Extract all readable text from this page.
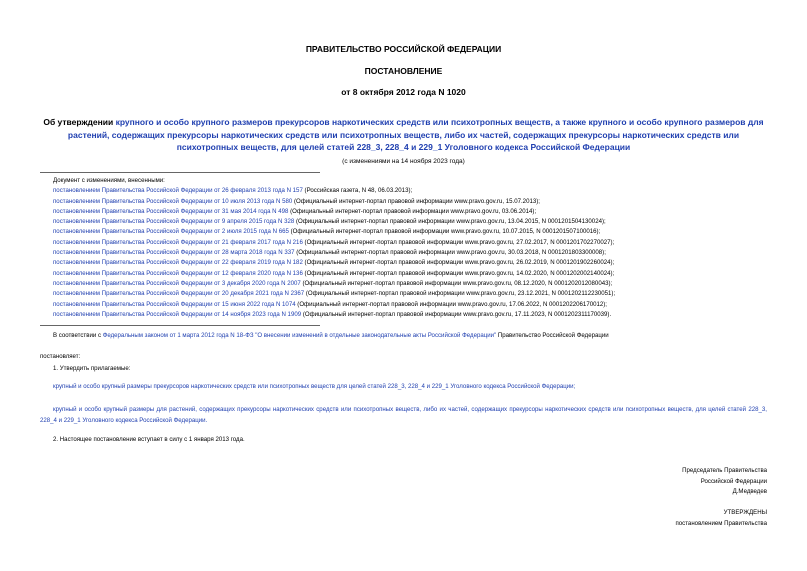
ПРАВИТЕЛЬСТВО РОССИЙСКОЙ ФЕДЕРАЦИИ
ПОСТАНОВЛЕНИЕ
от 8 октября 2012 года N 1020
Об утверждении крупного и особо крупного размеров прекурсоров наркотических средств или психотропных веществ, а также крупного и особо крупного размеров для растений, содержащих прекурсоры наркотических средств или психотропных веществ, либо их частей, содержащих прекурсоры наркотических средств или психотропных веществ, для целей статей 228_3, 228_4 и 229_1 Уголовного кодекса Российской Федерации
(с изменениями на 14 ноября 2023 года)
Документ с изменениями, внесенными:
постановлением Правительства Российской Федерации от 26 февраля 2013 года N 157 (Российская газета, N 48, 06.03.2013);
постановлением Правительства Российской Федерации от 10 июля 2013 года N 580 (Официальный интернет-портал правовой информации www.pravo.gov.ru, 15.07.2013);
постановлением Правительства Российской Федерации от 31 мая 2014 года N 498 (Официальный интернет-портал правовой информации www.pravo.gov.ru, 03.06.2014);
постановлением Правительства Российской Федерации от 9 апреля 2015 года N 328 (Официальный интернет-портал правовой информации www.pravo.gov.ru, 13.04.2015, N 0001201504130024);
постановлением Правительства Российской Федерации от 2 июля 2015 года N 665 (Официальный интернет-портал правовой информации www.pravo.gov.ru, 10.07.2015, N 0001201507100016);
постановлением Правительства Российской Федерации от 21 февраля 2017 года N 216 (Официальный интернет-портал правовой информации www.pravo.gov.ru, 27.02.2017, N 0001201702270027);
постановлением Правительства Российской Федерации от 28 марта 2018 года N 337 (Официальный интернет-портал правовой информации www.pravo.gov.ru, 30.03.2018, N 0001201803300008);
постановлением Правительства Российской Федерации от 22 февраля 2019 года N 182 (Официальный интернет-портал правовой информации www.pravo.gov.ru, 26.02.2019, N 0001201902260024);
постановлением Правительства Российской Федерации от 12 февраля 2020 года N 136 (Официальный интернет-портал правовой информации www.pravo.gov.ru, 14.02.2020, N 0001202002140024);
постановлением Правительства Российской Федерации от 3 декабря 2020 года N 2007 (Официальный интернет-портал правовой информации www.pravo.gov.ru, 08.12.2020, N 0001202012080043);
постановлением Правительства Российской Федерации от 20 декабря 2021 года N 2367 (Официальный интернет-портал правовой информации www.pravo.gov.ru, 23.12.2021, N 0001202112230051);
постановлением Правительства Российской Федерации от 15 июня 2022 года N 1074 (Официальный интернет-портал правовой информации www.pravo.gov.ru, 17.06.2022, N 0001202206170012);
постановлением Правительства Российской Федерации от 14 ноября 2023 года N 1909 (Официальный интернет-портал правовой информации www.pravo.gov.ru, 17.11.2023, N 0001202311170039).
В соответствии с Федеральным законом от 1 марта 2012 года N 18-ФЗ "О внесении изменений в отдельные законодательные акты Российской Федерации" Правительство Российской Федерации
постановляет:
1. Утвердить прилагаемые:
крупный и особо крупный размеры прекурсоров наркотических средств или психотропных веществ для целей статей 228_3, 228_4 и 229_1 Уголовного кодекса Российской Федерации;
крупный и особо крупный размеры для растений, содержащих прекурсоры наркотических средств или психотропных веществ, либо их частей, содержащих прекурсоры наркотических средств или психотропных веществ, для целей статей 228_3, 228_4 и 229_1 Уголовного кодекса Российской Федерации.
2. Настоящее постановление вступает в силу с 1 января 2013 года.
Председатель Правительства
Российской Федерации
Д.Медведев
УТВЕРЖДЕНЫ
постановлением Правительства
